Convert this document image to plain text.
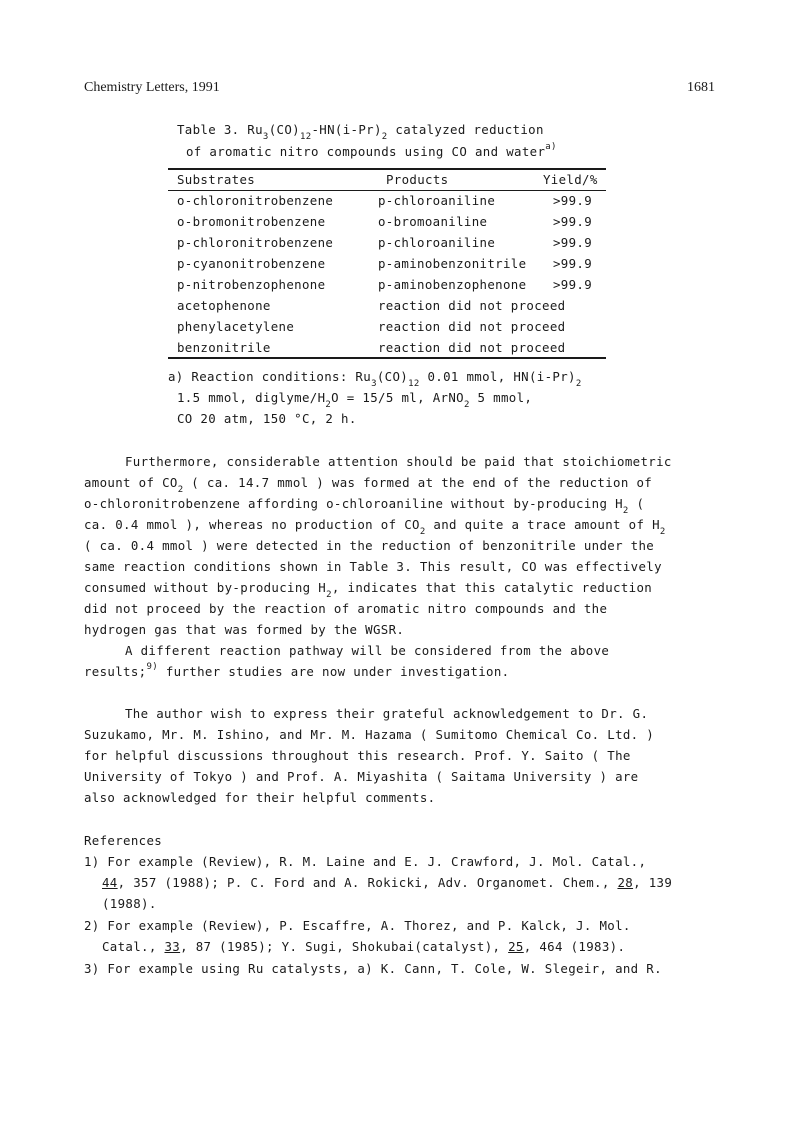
Chemistry Letters, 1991	1681
Table 3. $Ru_3(CO)_{12}-HN(i-Pr)_2$ catalyzed reduction
of aromatic nitro compounds using CO and water$^{a)}$
Substrates	Products	Yield/%
o-chloronitrobenzene	p-chloroaniline	>99.9
o-bromonitrobenzene	o-bromoaniline	>99.9
p-chloronitrobenzene	p-chloroaniline	>99.9
p-cyanonitrobenzene	p-aminobenzonitrile >99.9
p-nitrobenzophenone	p-aminobenzophenone >99.9
acetophenone	reaction did not proceed
phenylacetylene	reaction did not proceed
benzonitrile	reaction did not proceed
a) Reaction conditions: $Ru_3(CO)_{12}$ 0.01 mmol, $HN(i-Pr)_2$
1.5 mmol, diglyme/$H_2O = 15/5$ ml, ArNO$_2$ 5 mmol,
CO 20 atm, 150 °C, 2 h.
Furthermore, considerable attention should be paid that stoichiometric
amount of $CO_2$ ( ca. 14.7 mmol ) was formed at the end of the reduction of
o-chloronitrobenzene affording o-chloroaniline without by-producing $H_2$ (
ca. 0.4 mmol ), whereas no production of $CO_2$ and quite a trace amount of $H_2$
( ca. 0.4 mmol ) were detected in the reduction of benzonitrile under the
same reaction conditions shown in Table 3. This result, CO was effectively
consumed without by-producing $H_2$, indicates that this catalytic reduction
did not proceed by the reaction of aromatic nitro compounds and the
hydrogen gas that was formed by the WGSR.
A different reaction pathway will be considered from the above
results;$^{9)}$ further studies are now under investigation.
The author wish to express their grateful acknowledgement to Dr. G.
Suzukamo, Mr. M. Ishino, and Mr. M. Hazama ( Sumitomo Chemical Co. Ltd. )
for helpful discussions throughout this research. Prof. Y. Saito ( The
University of Tokyo ) and Prof. A. Miyashita ( Saitama University ) are
also acknowledged for their helpful comments.
References
1) For example (Review), R. M. Laine and E. J. Crawford, J. Mol. Catal.,
44, 357 (1988); P. C. Ford and A. Rokicki, Adv. Organomet. Chem., 28, 139
(1988).
2) For example (Review), P. Escaffre, A. Thorez, and P. Kalck, J. Mol.
Catal., 33, 87 (1985); Y. Sugi, Shokubai(catalyst), 25, 464 (1983).
3) For example using Ru catalysts, a) K. Cann, T. Cole, W. Slegeir, and R.
